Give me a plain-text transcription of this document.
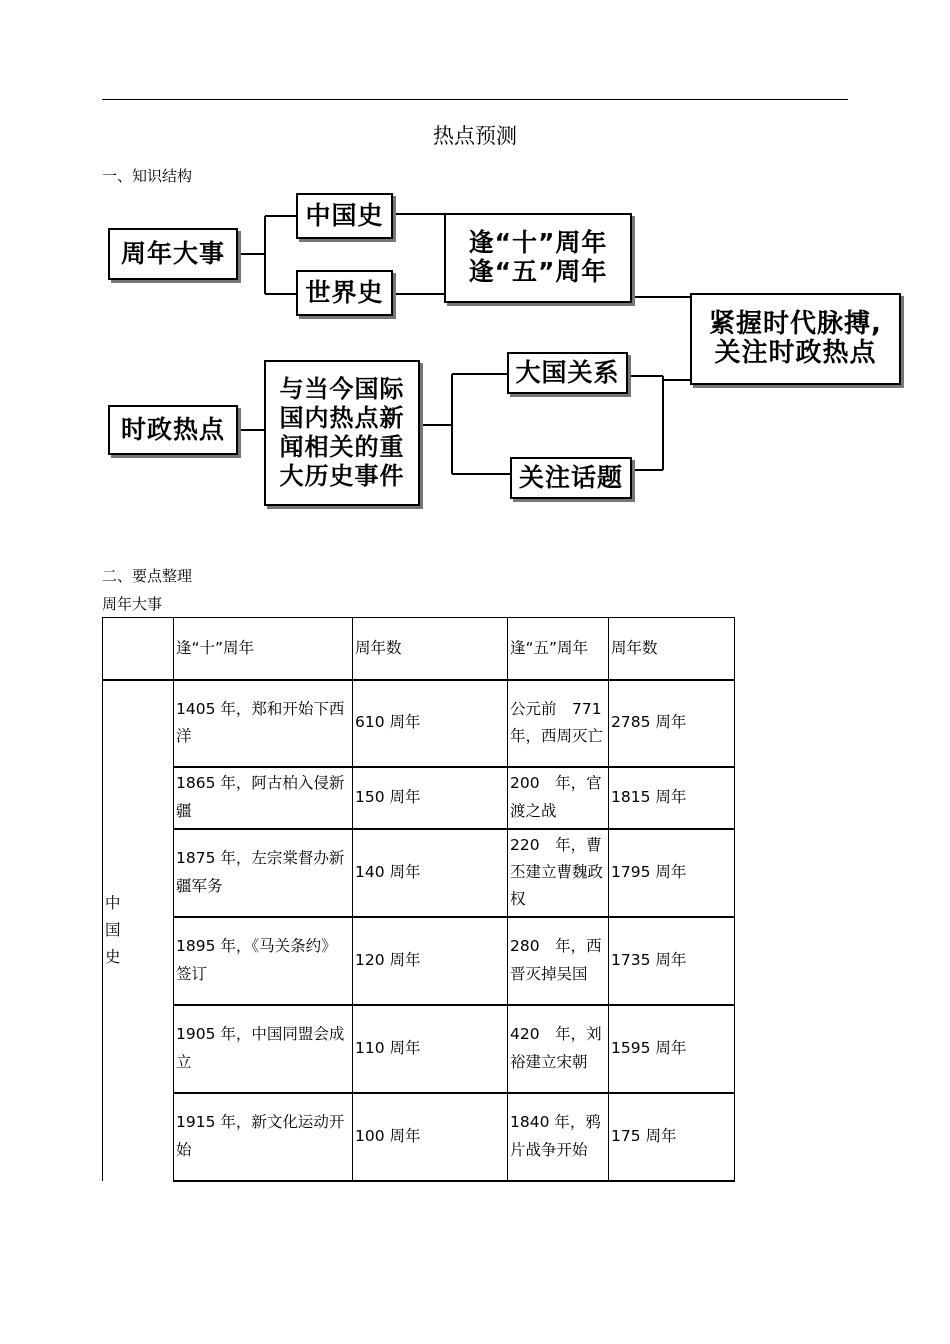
热点预测
一、知识结构
周年大事
中国史
世界史
逢“十”周年
逢“五”周年
紧握时代脉搏,
关注时政热点
时政热点
与当今国际
国内热点新
闻相关的重
大历史事件
大国关系
关注话题
二、要点整理
周年大事
	逢“十”周年	周年数	逢“五”周年	周年数

中国史	1405 年，郑和开始下西洋	610 周年	公元前　771 年，西周灭亡	2785 周年
	1865 年，阿古柏入侵新疆	150 周年	200　年，官渡之战	1815 周年
	1875 年，左宗棠督办新疆军务	140 周年	220　年，曹丕建立曹魏政权	1795 周年
	1895 年，《马关条约》签订	120 周年	280　年，西晋灭掉吴国	1735 周年
	1905 年，中国同盟会成立	110 周年	420　年，刘裕建立宋朝	1595 周年
	1915 年，新文化运动开始	100 周年	1840 年，鸦片战争开始	175 周年
